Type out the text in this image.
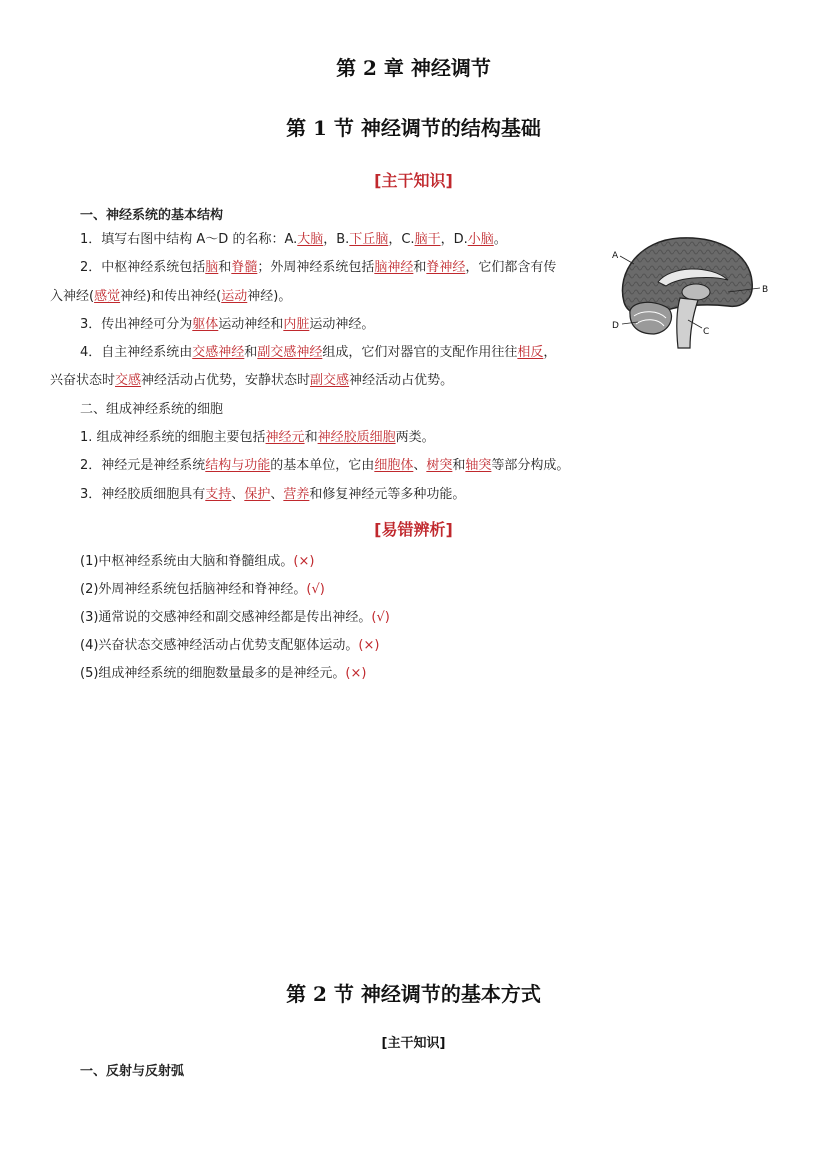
第 2 章 神经调节
第 1 节 神经调节的结构基础
[主干知识]
一、神经系统的基本结构
1．填写右图中结构 A～D 的名称：A.大脑，B.下丘脑，C.脑干，D.小脑。
2．中枢神经系统包括脑和脊髓；外周神经系统包括脑神经和脊神经，它们都含有传
入神经(感觉神经)和传出神经(运动神经)。
3．传出神经可分为躯体运动神经和内脏运动神经。
4．自主神经系统由交感神经和副交感神经组成，它们对器官的支配作用往往相反，
兴奋状态时交感神经活动占优势，安静状态时副交感神经活动占优势。
二、组成神经系统的细胞
1. 组成神经系统的细胞主要包括神经元和神经胶质细胞两类。
2．神经元是神经系统结构与功能的基本单位，它由细胞体、树突和轴突等部分构成。
3．神经胶质细胞具有支持、保护、营养和修复神经元等多种功能。
[易错辨析]
(1)中枢神经系统由大脑和脊髓组成。(×)
(2)外周神经系统包括脑神经和脊神经。(√)
(3)通常说的交感神经和副交感神经都是传出神经。(√)
(4)兴奋状态交感神经活动占优势支配躯体运动。(×)
(5)组成神经系统的细胞数量最多的是神经元。(×)
A
B
C
D
第 2 节 神经调节的基本方式
[主干知识]
一、反射与反射弧
